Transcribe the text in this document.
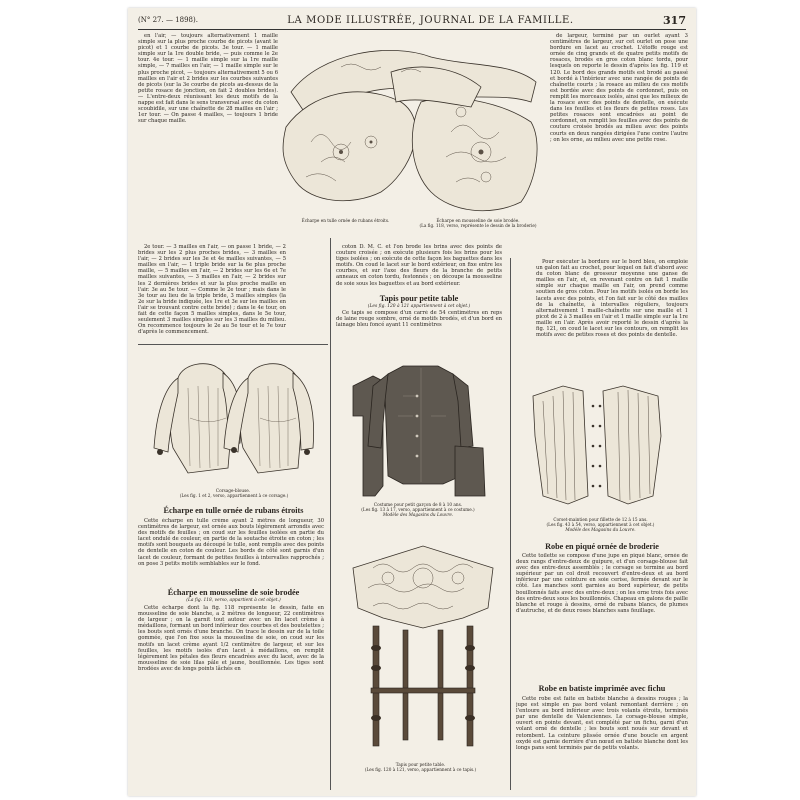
(N° 27. — 1898).	LA MODE ILLUSTRÉE, JOURNAL DE LA FAMILLE.	317
Écharpe en tulle ornée de rubans étroits.	Écharpe en mousseline de soie brodée.
(La fig. 118, verso, représente le dessin de la broderie)

en l'air, — toujours alternativement 1 maille simple sur la plus proche courbe de picots (avant le picot) et 1 courbe de picots. 3e tour. — 1 maille simple sur la 1re double bride, — puis comme le 2e tour. 4e tour. — 1 maille simple sur la 1re maille simple, — 7 mailles en l'air, — 1 maille simple sur le plus proche picot, — toujours alternativement 5 ou 6 mailles en l'air et 2 brides sur les courbes suivantes de picots (sur la 3e courbe de picots au-dessus de la petite rosace de jonction, on fait 2 doubles brides). — L'entre-deux réunissant les deux motifs de la nappe est fait dans le sens transversal avec du coton scoubidile, sur une chaînette de 28 mailles en l'air ; 1er tour. — On passe 4 mailles, — toujours 1 bride sur chaque maille.

de largeur, terminé par un ourlet ayant 3 centimètres de largeur, sur cet ourlet on pose une bordure en lacet au crochet. L'étoffe rouge est ornée de cinq grands et de quatre petits motifs de rosaces, brodés en gros coton blanc tordu, pour lesquels on reporte le dessin d'après les fig. 119 et 120. Le bord des grands motifs est brodé au passé et bordé à l'intérieur avec une rangée de points de chaînette courts ; la rosace au milieu de ces motifs est bordée avec des points de cordonnet, puis on remplit les morceaux isolés, ainsi que les milieux de la rosace avec des points de dentelle, on exécute dans les feuilles et les fleurs de petites roses. Les petites rosaces sont encadrées au point de cordonnet, on remplit les feuilles avec des points de couture croisée brodés au milieu avec des points courts en deux rangées dirigées l'une contre l'autre ; on les orne, au milieu avec une petite rose.

2e tour. — 3 mailles en l'air, — on passe 1 bride, — 2 brides sur les 2 plus proches brides, — 3 mailles en l'air, — 2 brides sur les 3e et 4e mailles suivantes, — 5 mailles en l'air, — 1 triple bride sur la 6e plus proche maille, — 5 mailles en l'air, — 2 brides sur les 6e et 7e mailles suivantes, — 3 mailles en l'air, — 2 brides sur les 2 dernières brides et sur la plus proche maille en l'air. 3e au 5e tour. — Comme le 2e tour ; mais dans le 3e tour au lieu de la triple bride, 3 mailles simples (la 2e sur la bride indiquée, les 1re et 3e sur les mailles en l'air se trouvant contre cette bride) ; dans le 4e tour, on fait de cette façon 5 mailles simples, dans le 5e tour, seulement 3 mailles simples sur les 3 mailles du milieu. On recommence toujours le 2e au 5e tour et le 7e tour d'après le commencement.

coton D. M. C. et l'on brode les brins avec des points de couture croisée ; on exécute plusieurs fois les brins pour les tiges isolées ; on exécute de cette façon les baguettes dans les motifs. On coud le lacet sur le bord extérieur, on fixe entre les courbes, et sur l'axe des fleurs de la branche de petits anneaux en coton tordu, festonnés ; on découpe la mousseline de soie sous les baguettes et au bord extérieur.

Tapis pour petite table
(Les fig. 120 à 121 appartiennent à cet objet.)

Ce tapis se compose d'un carré de 54 centimètres en reps de laine rouge sombre, orné de motifs brodés, et d'un bord en lainage bleu foncé ayant 11 centimètres

Pour exécuter la bordure sur le bord bleu, on emploie un galon fait au crochet, pour lequel on fait d'abord avec du coton blanc de grosseur moyenne une ganse de mailles en l'air, et, en revenant contre on fait 1 maille simple sur chaque maille en l'air, on prend comme soutien de gros coton. Pour les motifs isolés on borde les lacets avec des points, et l'on fait sur le côté des mailles de la chaînette, à intervalles réguliers, toujours alternativement 1 maille-chaînette sur une maille et 1 picot de 2 à 3 mailles en l'air et 1 maille simple sur la 1re maille en l'air. Après avoir reporté le dessin d'après la fig. 121, on coud le lacet sur les contours, on remplit les motifs avec de petites roses et des points de dentelle.

Corsage-blouse.
(Les fig. 1 et 2, verso, appartiennent à ce corsage.)
Costume pour petit garçon de 8 à 10 ans.
(Les fig. 13 à 17, verso, appartiennent à ce costume.)
Modèle des Magasins du Louvre.
Corset-maintien pour fillette de 12 à 15 ans.
(Les fig. 43 à 54, verso, appartiennent à cet objet.)
Modèle des Magasins du Louvre.
Écharpe en tulle ornée de rubans étroits

Cette écharpe en tulle crème ayant 2 mètres de longueur, 30 centimètres de largeur, est ornée aux bouts légèrement arrondis avec des motifs de feuilles ; on coud sur les feuilles isolées en partie du lacet ondulé de couleur, en partie de la soutache étroite en coton ; les motifs sont bouquets au découpé le tulle, sont remplis avec des points de dentelle en coton de couleur. Les bords de côté sont garnis d'un lacet de couleur, formant de petites feuilles à intervalles rapprochés ; on pose 3 petits motifs semblables sur le fond.

Écharpe en mousseline de soie brodée
(La fig. 118, verso, appartient à cet objet.)

Cette écharpe dont la fig. 118 représente le dessin, faite en mousseline de soie blanche, a 2 mètres de longueur, 22 centimètres de largeur ; on la garnit tout autour avec un lin lacet crème à médaillons, formant un bord inférieur des courbes et des boutelettes ; les bouts sont ornés d'une branche. On trace le dessin sur de la toile gommée, que l'on fixe sous la mousseline de soie, on coud sur les motifs un lacet crème ayant 1/2 centimètre de largeur, et sur les feuilles, les motifs isolés d'un lacet à médaillons, on remplit légèrement les pétales des fleurs encadrées avec du lacet, avec de la mousseline de soie lilas pâle et jaune, bouillonnée. Les tiges sont brodées avec de longs points lâchés en

Tapis pour petite table.
(Les fig. 120 à 121, verso, appartiennent à ce tapis.)
Robe en piqué ornée de broderie

Cette toilette se compose d'une jupe en piqué blanc, ornée de deux rangs d'entre-deux de guipure, et d'un corsage-blouse fait avec des entre-deux assemblés ; le corsage se termine au bord supérieur par un col droit recouvert d'entre-deux et au bord inférieur par une ceinture en soie cerise, fermée devant sur le côté. Les manches sont garnies au bord supérieur, de petits bouillonnés faits avec des entre-deux ; on les orne trois fois avec des entre-deux sous les bouillonnés. Chapeau en galons de paille blanche et rouge à dessins, orné de rubans blancs, de plumes d'autruche, et de deux roses blanches sans feuillage.

Robe en batiste imprimée avec fichu

Cette robe est faite en batiste blanche à dessins rouges ; la jupe est simple en pas bord volant remontant derrière ; on l'entoure au bord inférieur avec trois volants étroits, terminés par une dentelle de Valenciennes. Le corsage-blouse simple, ouvert en pointe devant, est complété par un fichu, garni d'un volant orné de dentelle ; les bouts sont noués sur devant et retombent. La ceinture plissée ornée d'une boucle en argent oxydé est garnie derrière d'un nœud en batiste blanche dont les longs pans sont terminés par de petits volants.
